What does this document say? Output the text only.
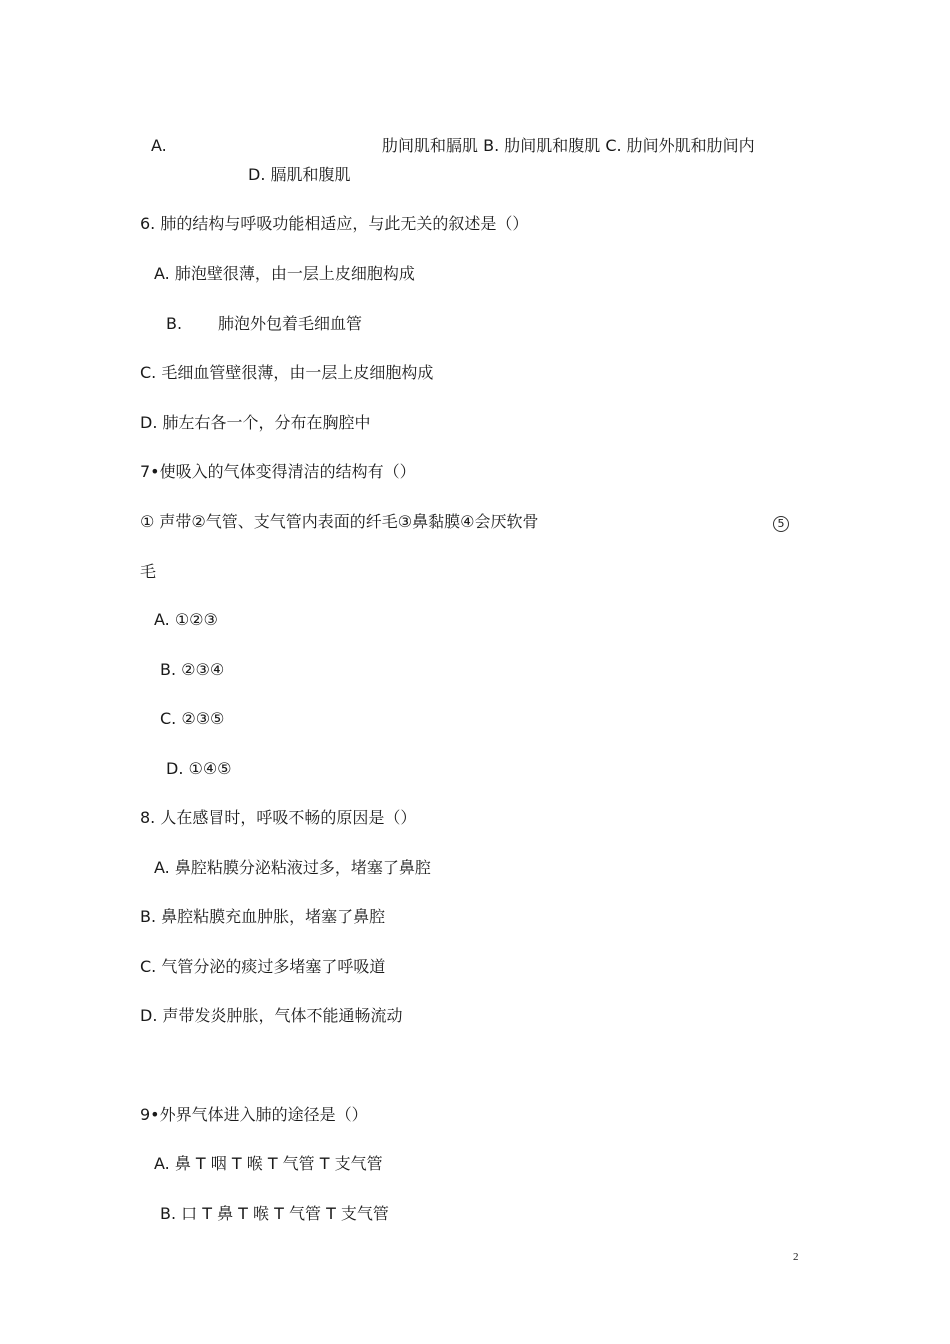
A.	肋间肌和膈肌 B. 肋间肌和腹肌 C. 肋间外肌和肋间内
D. 膈肌和腹肌
6. 肺的结构与呼吸功能相适应，与此无关的叙述是（）
A. 肺泡壁很薄，由一层上皮细胞构成
B. 肺泡外包着毛细血管
C. 毛细血管壁很薄，由一层上皮细胞构成
D. 肺左右各一个，分布在胸腔中
7•使吸入的气体变得清洁的结构有（）
① 声带②气管、支气管内表面的纤毛③鼻黏膜④会厌软骨	5
毛
A. ①②③
B. ②③④
C. ②③⑤
D. ①④⑤
8. 人在感冒时，呼吸不畅的原因是（）
A. 鼻腔粘膜分泌粘液过多，堵塞了鼻腔
B. 鼻腔粘膜充血肿胀，堵塞了鼻腔
C. 气管分泌的痰过多堵塞了呼吸道
D. 声带发炎肿胀，气体不能通畅流动
9•外界气体进入肺的途径是（）
A. 鼻 T 咽 T 喉 T 气管 T 支气管
B. 口 T 鼻 T 喉 T 气管 T 支气管
2
